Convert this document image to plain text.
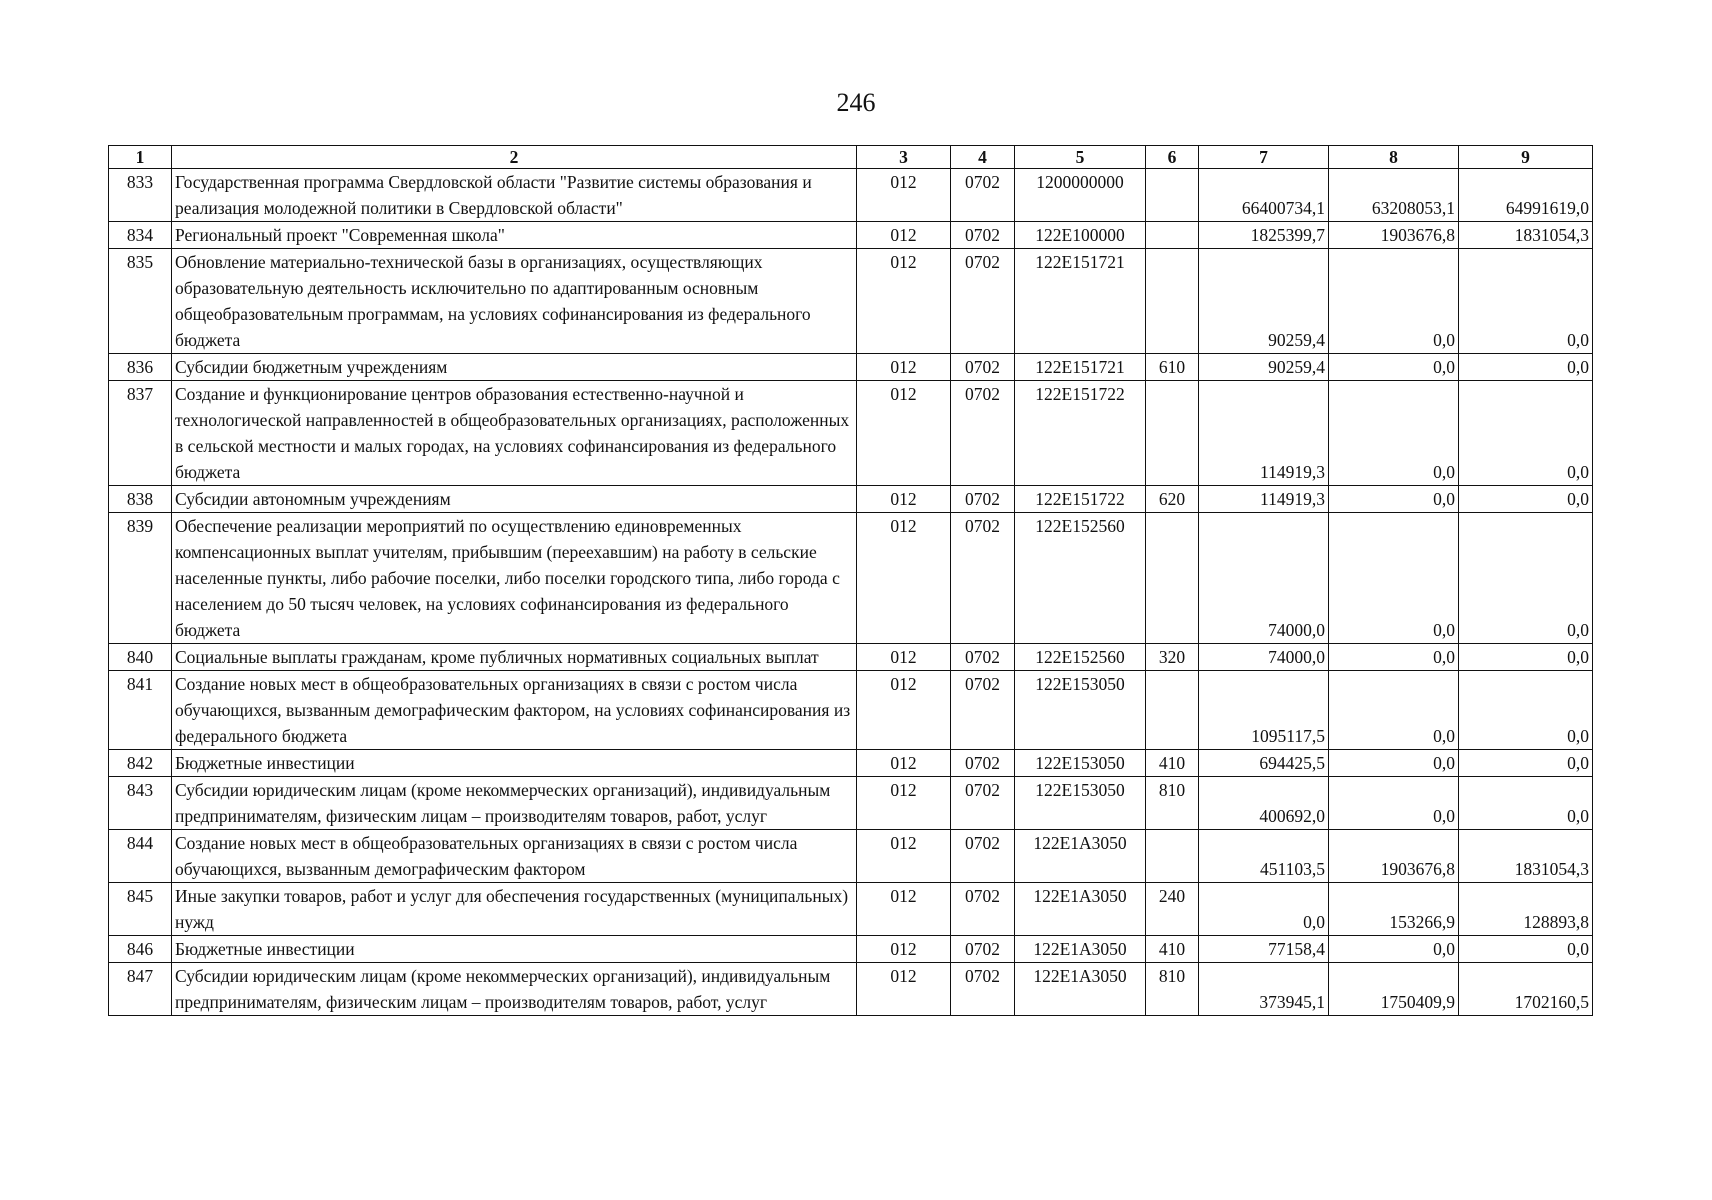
246
1	2	3	4	5	6	7	8	9
833	Государственная программа Свердловской области "Развитие системы образования и реализация молодежной политики в Свердловской области"	012	0702	1200000000		66400734,1	63208053,1	64991619,0
834	Региональный проект "Современная школа"	012	0702	122E100000		1825399,7	1903676,8	1831054,3
835	Обновление материально-технической базы в организациях, осуществляющих образовательную деятельность исключительно по адаптированным основным общеобразовательным программам, на условиях софинансирования из федерального бюджета	012	0702	122E151721		90259,4	0,0	0,0
836	Субсидии бюджетным учреждениям	012	0702	122E151721	610	90259,4	0,0	0,0
837	Создание и функционирование центров образования естественно-научной и технологической направленностей в общеобразовательных организациях, расположенных в сельской местности и малых городах, на условиях софинансирования из федерального бюджета	012	0702	122E151722		114919,3	0,0	0,0
838	Субсидии автономным учреждениям	012	0702	122E151722	620	114919,3	0,0	0,0
839	Обеспечение реализации мероприятий по осуществлению единовременных компенсационных выплат учителям, прибывшим (переехавшим) на работу в сельские населенные пункты, либо рабочие поселки, либо поселки городского типа, либо города с населением до 50 тысяч человек, на условиях софинансирования из федерального бюджета	012	0702	122E152560		74000,0	0,0	0,0
840	Социальные выплаты гражданам, кроме публичных нормативных социальных выплат	012	0702	122E152560	320	74000,0	0,0	0,0
841	Создание новых мест в общеобразовательных организациях в связи с ростом числа обучающихся, вызванным демографическим фактором, на условиях софинансирования из федерального бюджета	012	0702	122E153050		1095117,5	0,0	0,0
842	Бюджетные инвестиции	012	0702	122E153050	410	694425,5	0,0	0,0
843	Субсидии юридическим лицам (кроме некоммерческих организаций), индивидуальным предпринимателям, физическим лицам – производителям товаров, работ, услуг	012	0702	122E153050	810	400692,0	0,0	0,0
844	Создание новых мест в общеобразовательных организациях в связи с ростом числа обучающихся, вызванным демографическим фактором	012	0702	122E1A3050		451103,5	1903676,8	1831054,3
845	Иные закупки товаров, работ и услуг для обеспечения государственных (муниципальных) нужд	012	0702	122E1A3050	240	0,0	153266,9	128893,8
846	Бюджетные инвестиции	012	0702	122E1A3050	410	77158,4	0,0	0,0
847	Субсидии юридическим лицам (кроме некоммерческих организаций), индивидуальным предпринимателям, физическим лицам – производителям товаров, работ, услуг	012	0702	122E1A3050	810	373945,1	1750409,9	1702160,5
